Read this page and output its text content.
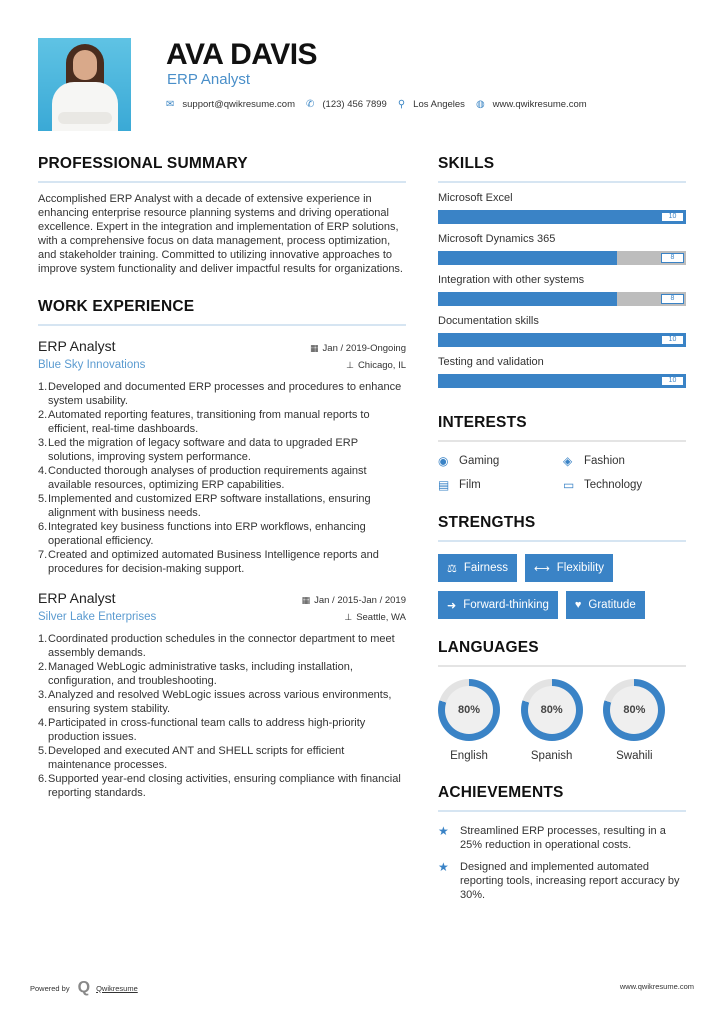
AVA DAVIS
ERP Analyst
✉ support@qwikresume.com ✆ (123) 456 7899 ⚲ Los Angeles ◍ www.qwikresume.com
PROFESSIONAL SUMMARY

Accomplished ERP Analyst with a decade of extensive experience in enhancing enterprise resource planning systems and driving operational excellence. Expert in the integration and implementation of ERP solutions, with a comprehensive focus on data management, process optimization, and stakeholder training. Committed to utilizing innovative approaches to improve system functionality and deliver impactful results for organizations.

WORK EXPERIENCE
ERP Analyst	▦ Jan / 2019-Ongoing
Blue Sky Innovations	⊥ Chicago, IL
1. Developed and documented ERP processes and procedures to enhance system usability.
2. Automated reporting features, transitioning from manual reports to efficient, real-time dashboards.
3. Led the migration of legacy software and data to upgraded ERP solutions, improving system performance.
4. Conducted thorough analyses of production requirements against available resources, optimizing ERP capabilities.
5. Implemented and customized ERP software installations, ensuring alignment with business needs.
6. Integrated key business functions into ERP workflows, enhancing operational efficiency.
7. Created and optimized automated Business Intelligence reports and procedures for decision-making support.
ERP Analyst	▦ Jan / 2015-Jan / 2019
Silver Lake Enterprises	⊥ Seattle, WA
1. Coordinated production schedules in the connector department to meet assembly demands.
2. Managed WebLogic administrative tasks, including installation, configuration, and troubleshooting.
3. Analyzed and resolved WebLogic issues across various environments, ensuring system stability.
4. Participated in cross-functional team calls to address high-priority production issues.
5. Developed and executed ANT and SHELL scripts for efficient maintenance processes.
6. Supported year-end closing activities, ensuring compliance with financial reporting standards.
SKILLS
Microsoft Excel
10
Microsoft Dynamics 365
8
Integration with other systems
8
Documentation skills
10
Testing and validation
10
INTERESTS
◉ Gaming	◈	Fashion
▤ Film	▭ Technology
STRENGTHS
⚖ Fairness ⟷ Flexibility
➜ Forward-thinking ♥ Gratitude
LANGUAGES
80%
English
80%
Spanish
80%
Swahili
ACHIEVEMENTS
★	Streamlined ERP processes, resulting in a 25% reduction in operational costs.
★	Designed and implemented automated reporting tools, increasing report accuracy by 30%.
Powered by Q Qwikresume	www.qwikresume.com
